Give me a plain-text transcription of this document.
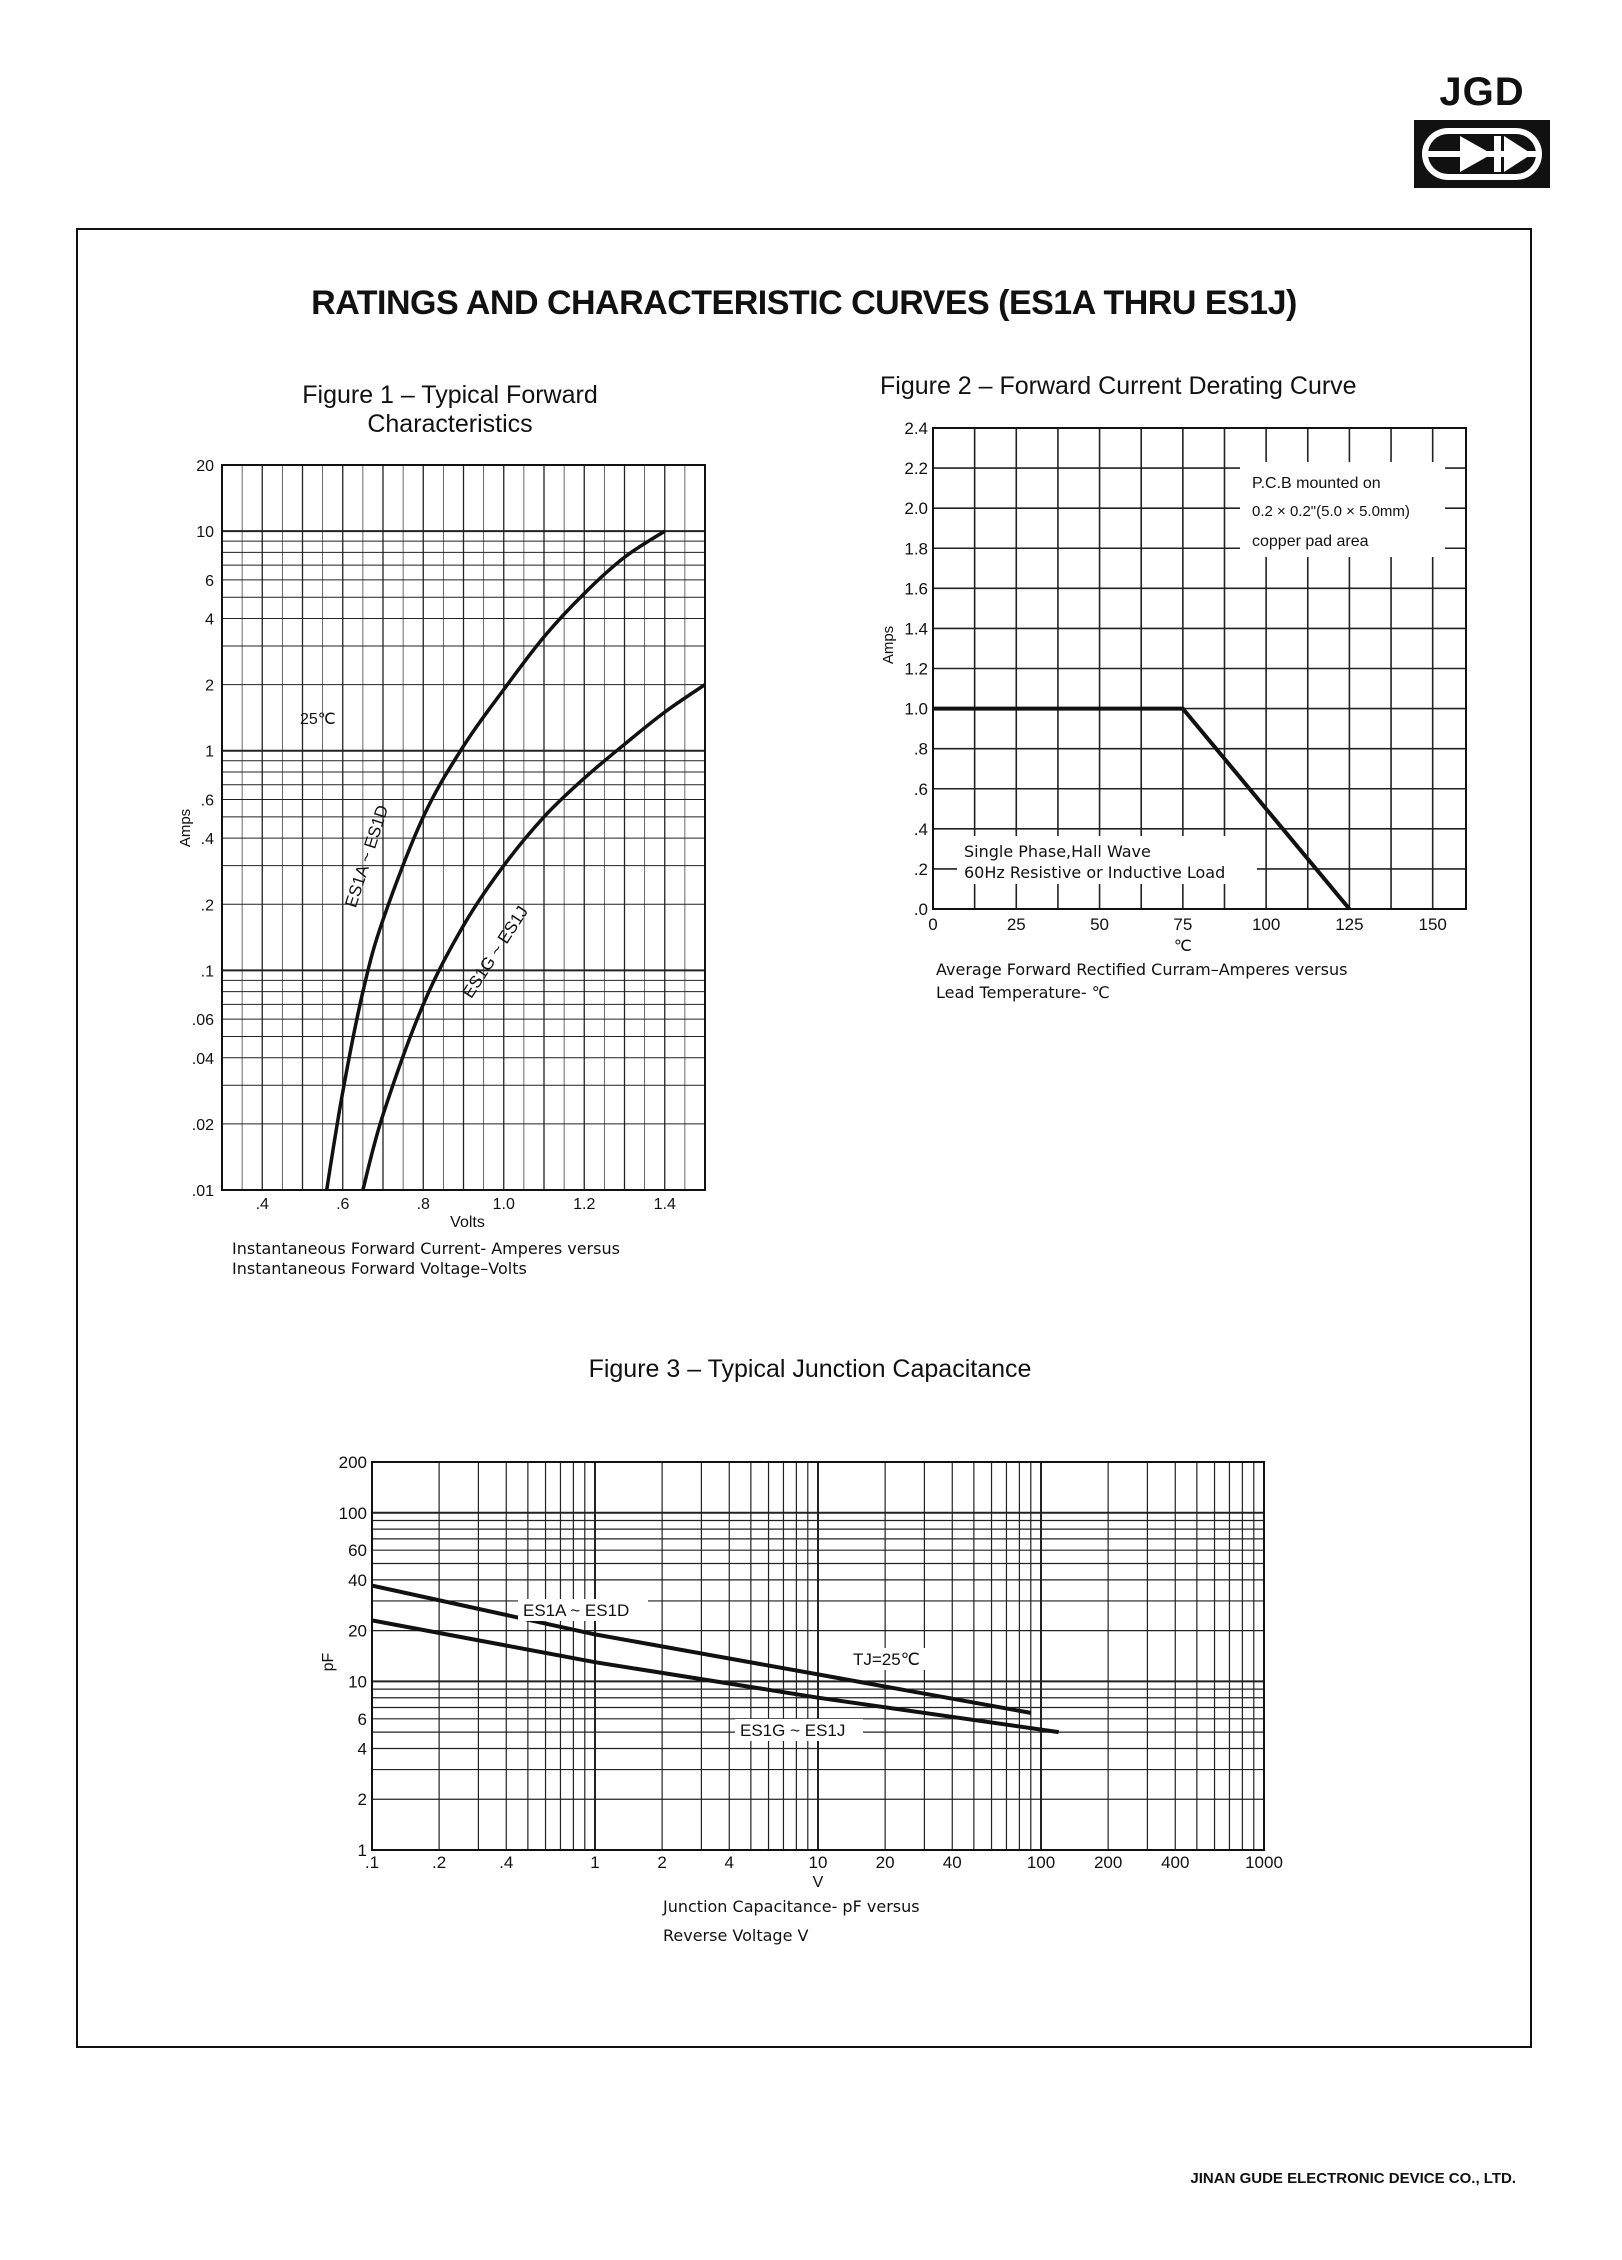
JGD
RATINGS AND CHARACTERISTIC CURVES (ES1A THRU ES1J)
Figure 1 – Typical Forward
Characteristics
Figure 2 – Forward Current Derating Curve
Figure 3 – Typical Junction Capacitance
JINAN GUDE ELECTRONIC DEVICE CO., LTD.
.4	.6	.8	1.0	1.2	1.4
.01
.02
.04
.06
.1
.2
.4
.6
1
2
4
6
10
20
Volts
Amps
Instantaneous Forward Current- Amperes versus
Instantaneous Forward Voltage–Volts
25℃
ES1A ~ ES1D
ES1G ~ ES1J	0	25	50	75	100	125	150
.0
.2
.4
.6
.8
1.0
1.2
1.4
1.6
1.8
2.0
2.2
2.4
℃
Amps
Average Forward Rectified Curram–Amperes versus
Lead Temperature- ℃
P.C.B mounted on
0.2 × 0.2"(5.0 × 5.0mm)
copper pad area
Single Phase,Hall Wave
60Hz Resistive or Inductive Load
.1	.2	.4	1	2	4	10	20	40	100 200 400	1000
1
2
4
6
10
20
40
60
100
200
V
pF
Junction Capacitance- pF versus
Reverse Voltage V
ES1A ~ ES1D
ES1G ~ ES1J
TJ=25℃
